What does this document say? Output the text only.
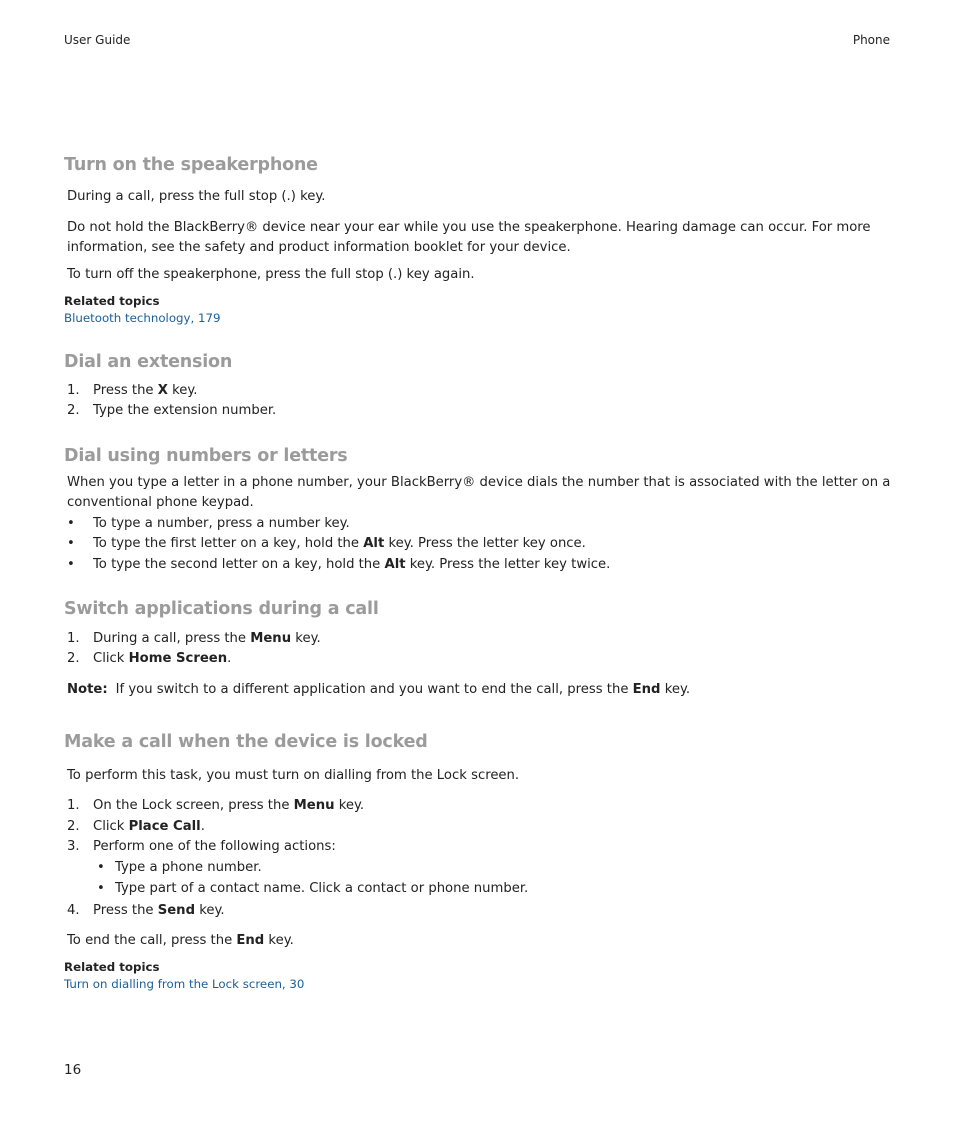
User Guide	Phone
Turn on the speakerphone
During a call, press the full stop (.) key.
Do not hold the BlackBerry® device near your ear while you use the speakerphone. Hearing damage can occur. For more information, see the safety and product information booklet for your device.
To turn off the speakerphone, press the full stop (.) key again.
Related topics
Bluetooth technology, 179
Dial an extension
1. Press the X key.
2. Type the extension number.
Dial using numbers or letters
When you type a letter in a phone number, your BlackBerry® device dials the number that is associated with the letter on a conventional phone keypad.
• To type a number, press a number key.
• To type the first letter on a key, hold the Alt key. Press the letter key once.
• To type the second letter on a key, hold the Alt key. Press the letter key twice.
Switch applications during a call
1. During a call, press the Menu key.
2. Click Home Screen.
Note: If you switch to a different application and you want to end the call, press the End key.
Make a call when the device is locked
To perform this task, you must turn on dialling from the Lock screen.
1. On the Lock screen, press the Menu key.
2. Click Place Call.
3. Perform one of the following actions:
• Type a phone number.
• Type part of a contact name. Click a contact or phone number.
4. Press the Send key.
To end the call, press the End key.
Related topics
Turn on dialling from the Lock screen, 30
16
